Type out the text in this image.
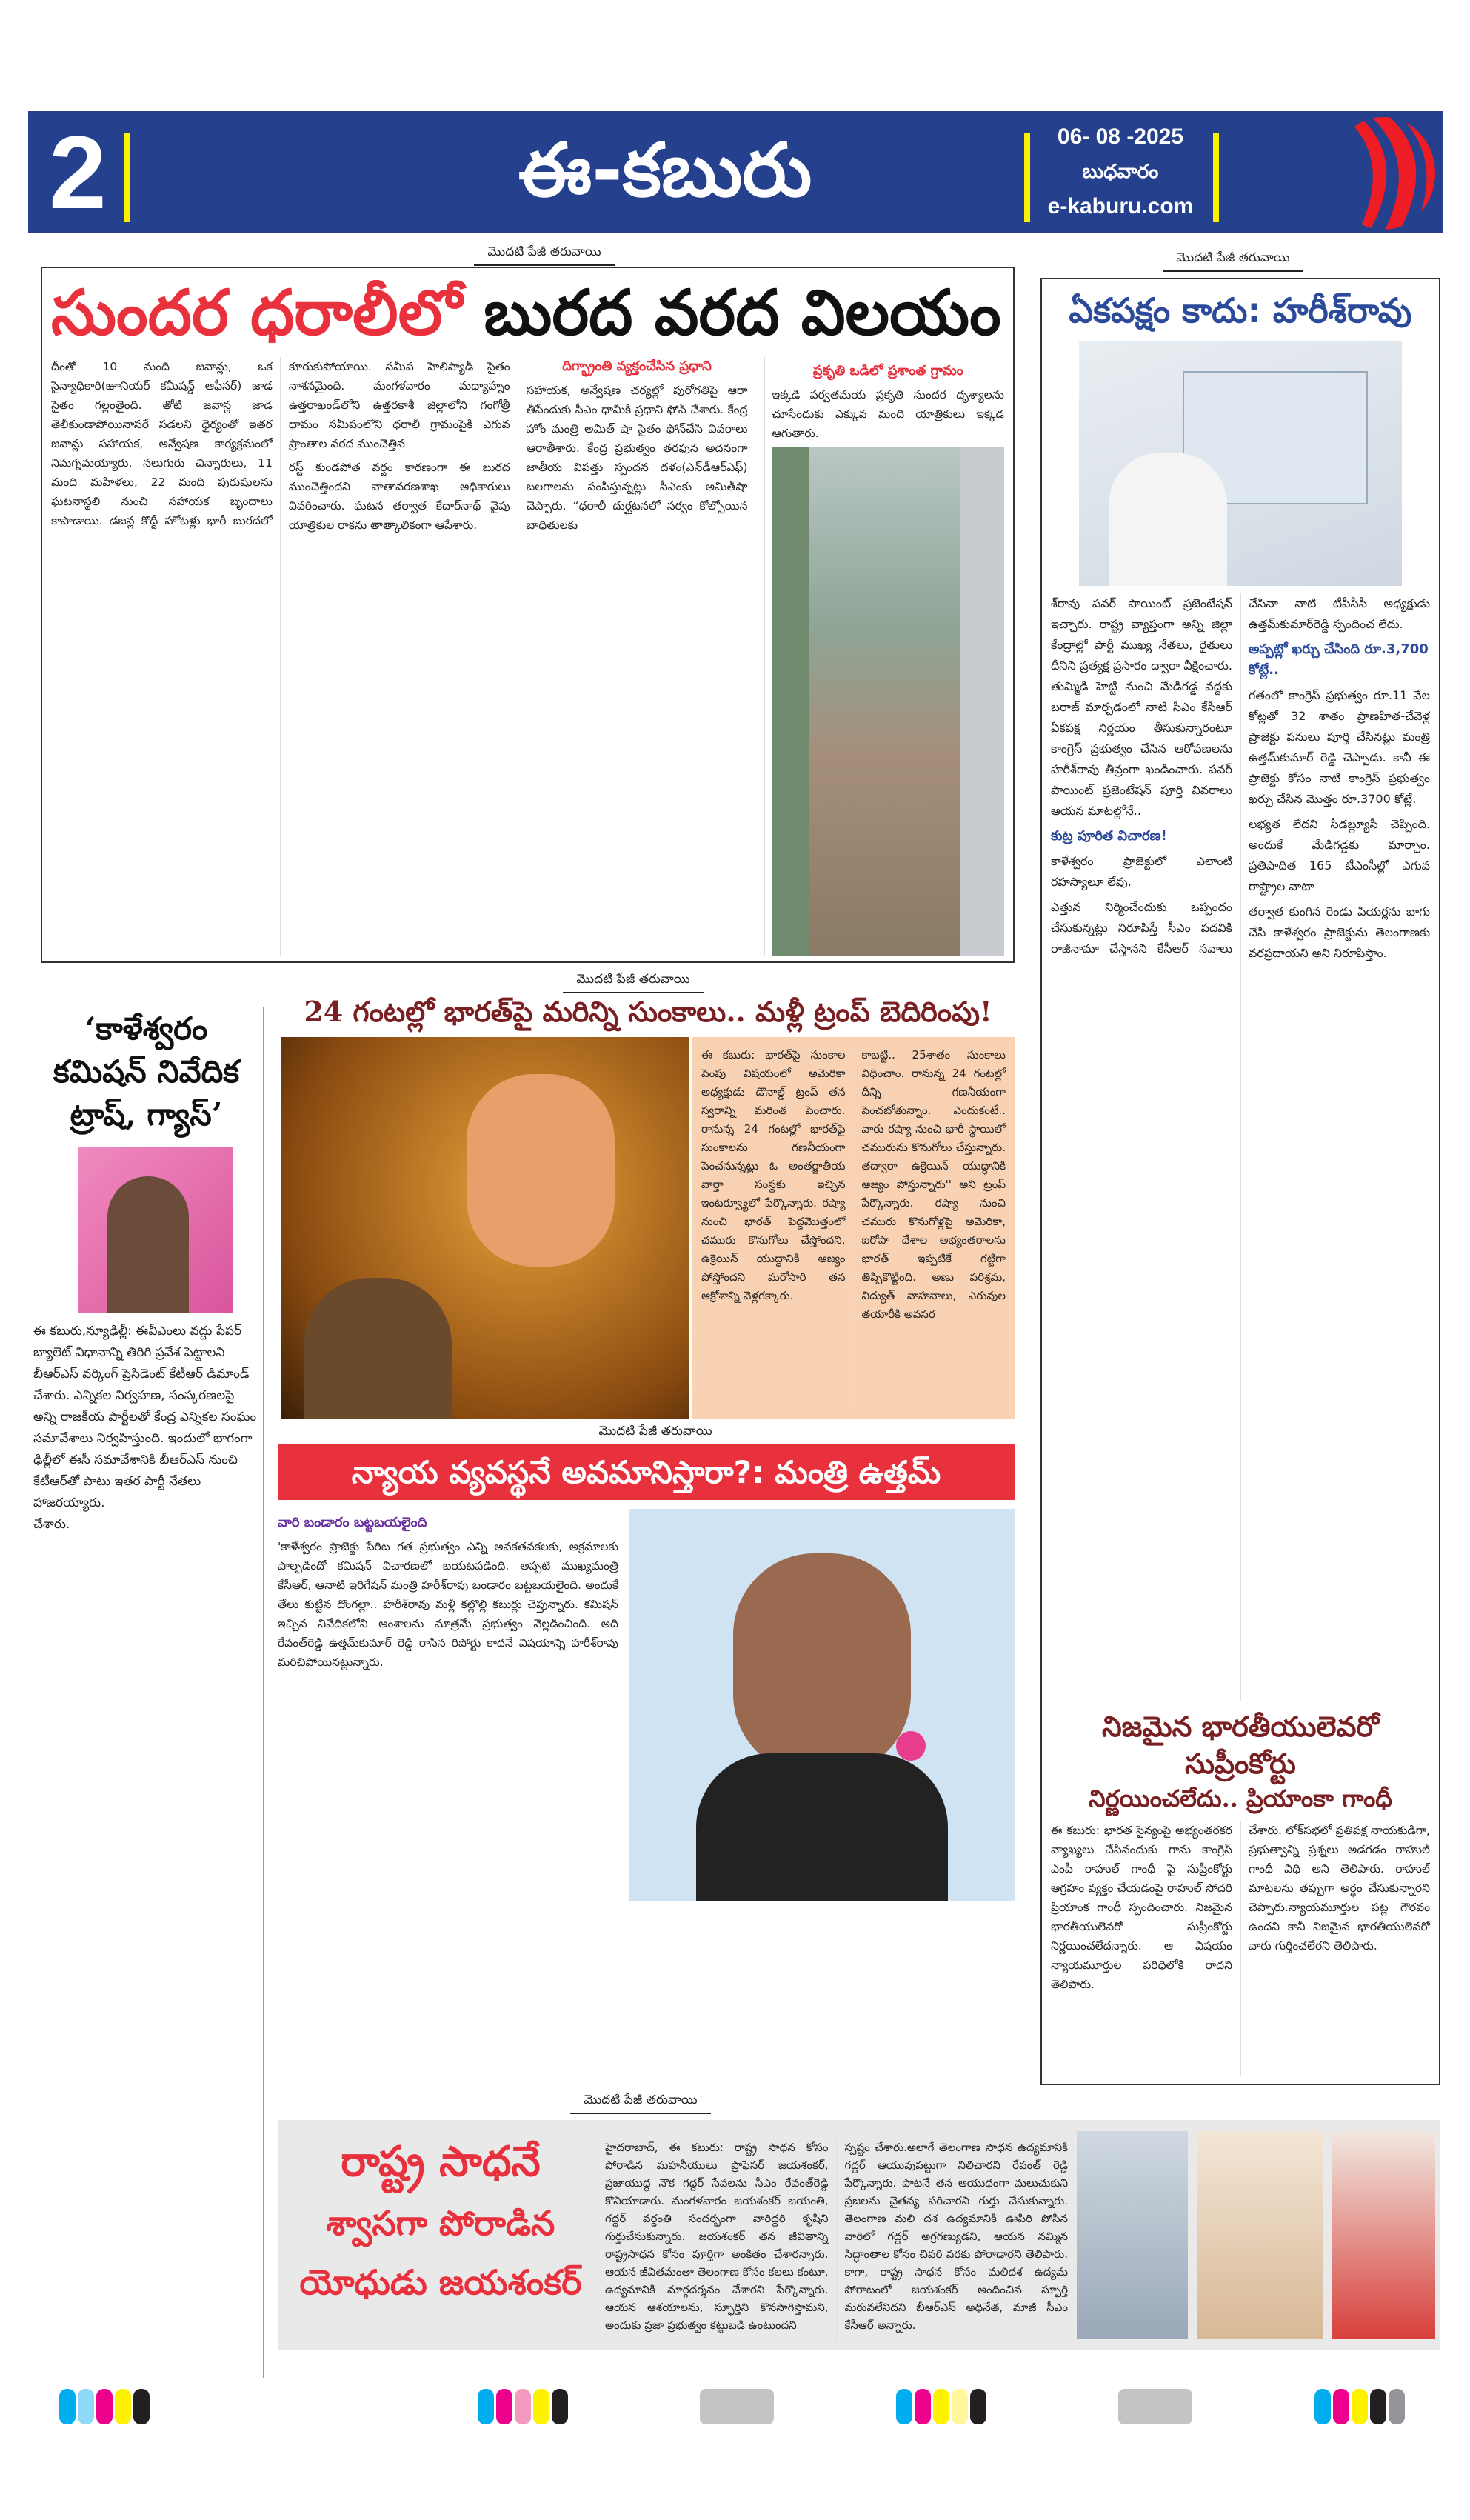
2	ఈ-కబురు	06- 08 -2025
బుధవారం
e-kaburu.com
మొదటి పేజీ తరువాయి	మొదటి పేజీ తరువాయి
సుందర ధరాలీలో బురద వరద విలయం

దీంతో 10 మంది జవాన్లు, ఒక సైన్యాధికారి(జూనియర్ కమీషన్డ్ ఆఫీసర్) జాడ సైతం గల్లంతైంది. తోటి జవాన్ల జాడ తెలీకుండాపోయినాసరే సడలని ధైర్యంతో ఇతర జవాన్లు సహాయక, అన్వేషణ కార్యక్రమంలో నిమగ్నమయ్యారు. నలుగురు చిన్నారులు, 11 మంది మహిళలు, 22 మంది పురుషులను ఘటనాస్థలి నుంచి సహాయక బృందాలు కాపాడాయి. డజన్ల కొద్దీ హోటళ్లు భారీ బురదలో కూరుకుపోయాయి. సమీప హెలిప్యాడ్ సైతం నాశనమైంది. మంగళవారం మధ్యాహ్నం ఉత్తరాఖండ్‌లోని ఉత్తరకాశీ జిల్లాలోని గంగోత్రీ ధామం సమీపంలోని ధరాలీ గ్రామంపైకి ఎగువ ప్రాంతాల వరద ముంచెత్తిన

రస్ట్ కుండపోత వర్షం కారణంగా ఈ బురద ముంచెత్తిందని వాతావరణశాఖ అధికారులు వివరించారు. ఘటన తర్వాత కేదార్‌నాథ్ వైపు యాత్రికుల రాకను తాత్కాలికంగా ఆపేశారు.

దిగ్భ్రాంతి వ్యక్తంచేసిన ప్రధాని

సహాయక, అన్వేషణ చర్యల్లో పురోగతిపై ఆరా తీసేందుకు సీఎం ధామీకి ప్రధాని ఫోన్ చేశారు. కేంద్ర హోం మంత్రి అమిత్ షా సైతం ఫోన్‌చేసి వివరాలు ఆరాతీశారు. కేంద్ర ప్రభుత్వం తరఫున అదనంగా జాతీయ విపత్తు స్పందన దళం(ఎన్‌డీఆర్ఎఫ్) బలగాలను పంపిస్తున్నట్లు సీఎంకు అమిత్‌షా చెప్పారు. “ధరాలీ దుర్ఘటనలో సర్వం కోల్పోయిన బాధితులకు

ప్రకృతి ఒడిలో ప్రశాంత గ్రామం

ఇక్కడి పర్వతమయ ప్రకృతి సుందర దృశ్యాలను చూసేందుకు ఎక్కువ మంది యాత్రికులు ఇక్కడ ఆగుతారు.

ఏకపక్షం కాదు: హరీశ్‌రావు

శ్‌రావు పవర్ పాయింట్ ప్రజెంటేషన్ ఇచ్చారు. రాష్ట్ర వ్యాప్తంగా అన్ని జిల్లా కేంద్రాల్లో పార్టీ ముఖ్య నేతలు, రైతులు దీనిని ప్రత్యక్ష ప్రసారం ద్వారా వీక్షించారు. తుమ్మిడి హెట్టి నుంచి మేడిగడ్డ వద్దకు బరాజ్ మార్చడంలో నాటి సీఎం కేసీఆర్ ఏకపక్ష నిర్ణయం తీసుకున్నారంటూ కాంగ్రెస్ ప్రభుత్వం చేసిన ఆరోపణలను హరీశ్‌రావు తీవ్రంగా ఖండించారు. పవర్ పాయింట్ ప్రజెంటేషన్ పూర్తి వివరాలు ఆయన మాటల్లోనే..

కుట్ర పూరిత విచారణ!

కాళేశ్వరం ప్రాజెక్టులో ఎలాంటి రహస్యాలూ లేవు.

ఎత్తున నిర్మించేందుకు ఒప్పందం చేసుకున్నట్లు నిరూపిస్తే సీఎం పదవికి రాజీనామా చేస్తానని కేసీఆర్ సవాలు చేసినా నాటి టీపీసీసీ అధ్యక్షుడు ఉత్తమ్‌కుమార్‌రెడ్డి స్పందించ లేదు.

అప్పట్లో ఖర్చు చేసింది రూ.3,700 కోట్లే..

గతంలో కాంగ్రెస్ ప్రభుత్వం రూ.11 వేల కోట్లతో 32 శాతం ప్రాణహిత-చేవెళ్ల ప్రాజెక్టు పనులు పూర్తి చేసినట్లు మంత్రి ఉత్తమ్‌కుమార్ రెడ్డి చెప్పాడు. కానీ ఈ ప్రాజెక్టు కోసం నాటి కాంగ్రెస్ ప్రభుత్వం ఖర్చు చేసిన మొత్తం రూ.3700 కోట్లే.

లభ్యత లేదని సీడబ్ల్యూసీ చెప్పింది. అందుకే మేడిగడ్డకు మార్చాం. ప్రతిపాదిత 165 టీఎంసీల్లో ఎగువ రాష్ట్రాల వాటా

తర్వాత కుంగిన రెండు పియర్లను బాగు చేసి కాళేశ్వరం ప్రాజెక్టును తెలంగాణకు వరప్రదాయని అని నిరూపిస్తాం.

నిజమైన భారతీయులెవరో సుప్రీంకోర్టు
నిర్ణయించలేదు.. ప్రియాంకా గాంధీ

ఈ కబురు: భారత సైన్యంపై అభ్యంతరకర వ్యాఖ్యలు చేసినందుకు గాను కాంగ్రెస్ ఎంపీ రాహుల్ గాంధీ పై సుప్రీంకోర్టు ఆగ్రహం వ్యక్తం చేయడంపై రాహుల్ సోదరి ప్రియాంక గాంధీ స్పందించారు. నిజమైన భారతీయులెవరో సుప్రీంకోర్టు నిర్ణయించలేదన్నారు. ఆ విషయం న్యాయమూర్తుల పరిధిలోకి రాదని తెలిపారు.

చేశారు. లోక్‌సభలో ప్రతిపక్ష నాయకుడిగా, ప్రభుత్వాన్ని ప్రశ్నలు అడగడం రాహుల్ గాంధీ విధి అని తెలిపారు. రాహుల్ మాటలను తప్పుగా అర్థం చేసుకున్నారని చెప్పారు.న్యాయమూర్తుల పట్ల గౌరవం ఉందని కానీ నిజమైన భారతీయులెవరో వారు గుర్తించలేరని తెలిపారు.

మొదటి పేజీ తరువాయి
24 గంటల్లో భారత్‌పై మరిన్ని సుంకాలు.. మళ్లీ ట్రంప్ బెదిరింపు!

ఈ కబురు: భారత్‌పై సుంకాల పెంపు విషయంలో అమెరికా అధ్యక్షుడు డొనాల్డ్ ట్రంప్ తన స్వరాన్ని మరింత పెంచారు. రానున్న 24 గంటల్లో భారత్‌పై సుంకాలను గణనీయంగా పెంచనున్నట్లు ఓ అంతర్జాతీయ వార్తా సంస్థకు ఇచ్చిన ఇంటర్వ్యూలో పేర్కొన్నారు. రష్యా నుంచి భారత్ పెద్దమొత్తంలో చమురు కొనుగోలు చేస్తోందని, ఉక్రెయిన్ యుద్ధానికి ఆజ్యం పోస్తోందని మరోసారి తన ఆక్రోశాన్ని వెళ్లగక్కారు.

కాబట్టి.. 25శాతం సుంకాలు విధించాం. రానున్న 24 గంటల్లో దీన్ని గణనీయంగా పెంచబోతున్నాం. ఎందుకంటే.. వారు రష్యా నుంచి భారీ స్థాయిలో చమురును కొనుగోలు చేస్తున్నారు. తద్వారా ఉక్రెయిన్ యుద్ధానికి ఆజ్యం పోస్తున్నారు'' అని ట్రంప్ పేర్కొన్నారు. రష్యా నుంచి చమురు కొనుగోళ్లపై అమెరికా, ఐరోపా దేశాల అభ్యంతరాలను భారత్ ఇప్పటికే గట్టిగా తిప్పికొట్టింది. అణు పరిశ్రమ, విద్యుత్ వాహనాలు, ఎరువుల తయారీకి అవసర

‘కాళేశ్వరం కమిషన్ నివేదిక ట్రాష్, గ్యాస్’

ఈ కబురు,న్యూఢిల్లీ: ఈవీఎంలు వద్దు పేపర్ బ్యాలెట్ విధానాన్ని తిరిగి ప్రవేశ పెట్టాలని బీఆర్ఎస్ వర్కింగ్ ప్రెసిడెంట్ కేటీఆర్ డిమాండ్ చేశారు. ఎన్నికల నిర్వహణ, సంస్కరణలపై అన్ని రాజకీయ పార్టీలతో కేంద్ర ఎన్నికల సంఘం సమావేశాలు నిర్వహిస్తుంది. ఇందులో భాగంగా ఢిల్లీలో ఈసీ సమావేశానికి బీఆర్ఎస్ నుంచి కేటీఆర్‌తో పాటు ఇతర పార్టీ నేతలు హాజరయ్యారు.

చేశారు.

మొదటి పేజీ తరువాయి
న్యాయ వ్యవస్థనే అవమానిస్తారా?: మంత్రి ఉత్తమ్
వారి బండారం బట్టబయలైంది

'కాళేశ్వరం ప్రాజెక్టు పేరిట గత ప్రభుత్వం ఎన్ని అవకతవకలకు, అక్రమాలకు పాల్పడిందో కమిషన్ విచారణలో బయటపడింది. అప్పటి ముఖ్యమంత్రి కేసీఆర్, ఆనాటి ఇరిగేషన్ మంత్రి హరీశ్‌రావు బండారం బట్టబయలైంది. అందుకే తేలు కుట్టిన దొంగల్లా.. హరీశ్‌రావు మళ్లీ కల్లొల్లి కబుర్లు చెప్తున్నారు. కమిషన్ ఇచ్చిన నివేదికలోని అంశాలను మాత్రమే ప్రభుత్వం వెల్లడించింది. అది రేవంత్‌రెడ్డి ఉత్తమ్‌కుమార్ రెడ్డి రాసిన రిపోర్టు కాదనే విషయాన్ని హరీశ్‌రావు మరిచిపోయినట్లున్నారు.

మొదటి పేజీ తరువాయి
రాష్ట్ర సాధనే
శ్వాసగా పోరాడిన
యోధుడు జయశంకర్

హైదరాబాద్, ఈ కబురు: రాష్ట్ర సాధన కోసం పోరాడిన మహనీయులు ప్రొఫెసర్ జయశంకర్, ప్రజాయుద్ధ నౌక గద్దర్ సేవలను సీఎం రేవంత్‌రెడ్డి కొనియాడారు. మంగళవారం జయశంకర్ జయంతి, గద్దర్ వర్ధంతి సందర్భంగా వారిద్దరి కృషిని గుర్తుచేసుకున్నారు. జయశంకర్ తన జీవితాన్ని రాష్ట్రసాధన కోసం పూర్తిగా అంకితం చేశారన్నారు. ఆయన జీవితమంతా తెలంగాణ కోసం కలలు కంటూ, ఉద్యమానికి మార్గదర్శనం చేశారని పేర్కొన్నారు. ఆయన ఆశయాలను, స్ఫూర్తిని కొనసాగిస్తామని, అందుకు ప్రజా ప్రభుత్వం కట్టుబడి ఉంటుందని

స్పష్టం చేశారు.అలాగే తెలంగాణ సాధన ఉద్యమానికి గద్దర్ ఆయువుపట్టుగా నిలిచారని రేవంత్ రెడ్డి పేర్కొన్నారు. పాటనే తన ఆయుధంగా మలుచుకుని ప్రజలను చైతన్య పరిచారని గుర్తు చేసుకున్నారు. తెలంగాణ మలి దశ ఉద్యమానికి ఊపిరి పోసిన వారిలో గద్దర్ అగ్రగణ్యుడని, ఆయన నమ్మిన సిద్ధాంతాల కోసం చివరి వరకు పోరాడారని తెలిపారు. కాగా, రాష్ట్ర సాధన కోసం మలిదశ ఉద్యమ పోరాటంలో జయశంకర్ అందించిన స్ఫూర్తి మరువలేనిదని బీఆర్ఎస్ అధినేత, మాజీ సీఎం కేసీఆర్ అన్నారు.
